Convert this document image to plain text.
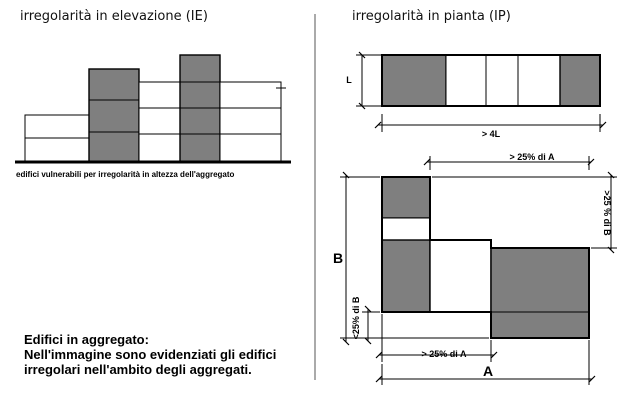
irregolarità in elevazione (IE)	irregolarità in pianta (IP)
L
> 4L
> 25% di A
>25 % di B
B
<25% di B
> 25% di A
A
edifici vulnerabili per irregolarità in altezza dell'aggregato
Edifici in aggregato:
Nell'immagine sono evidenziati gli edifici
irregolari nell'ambito degli aggregati.
